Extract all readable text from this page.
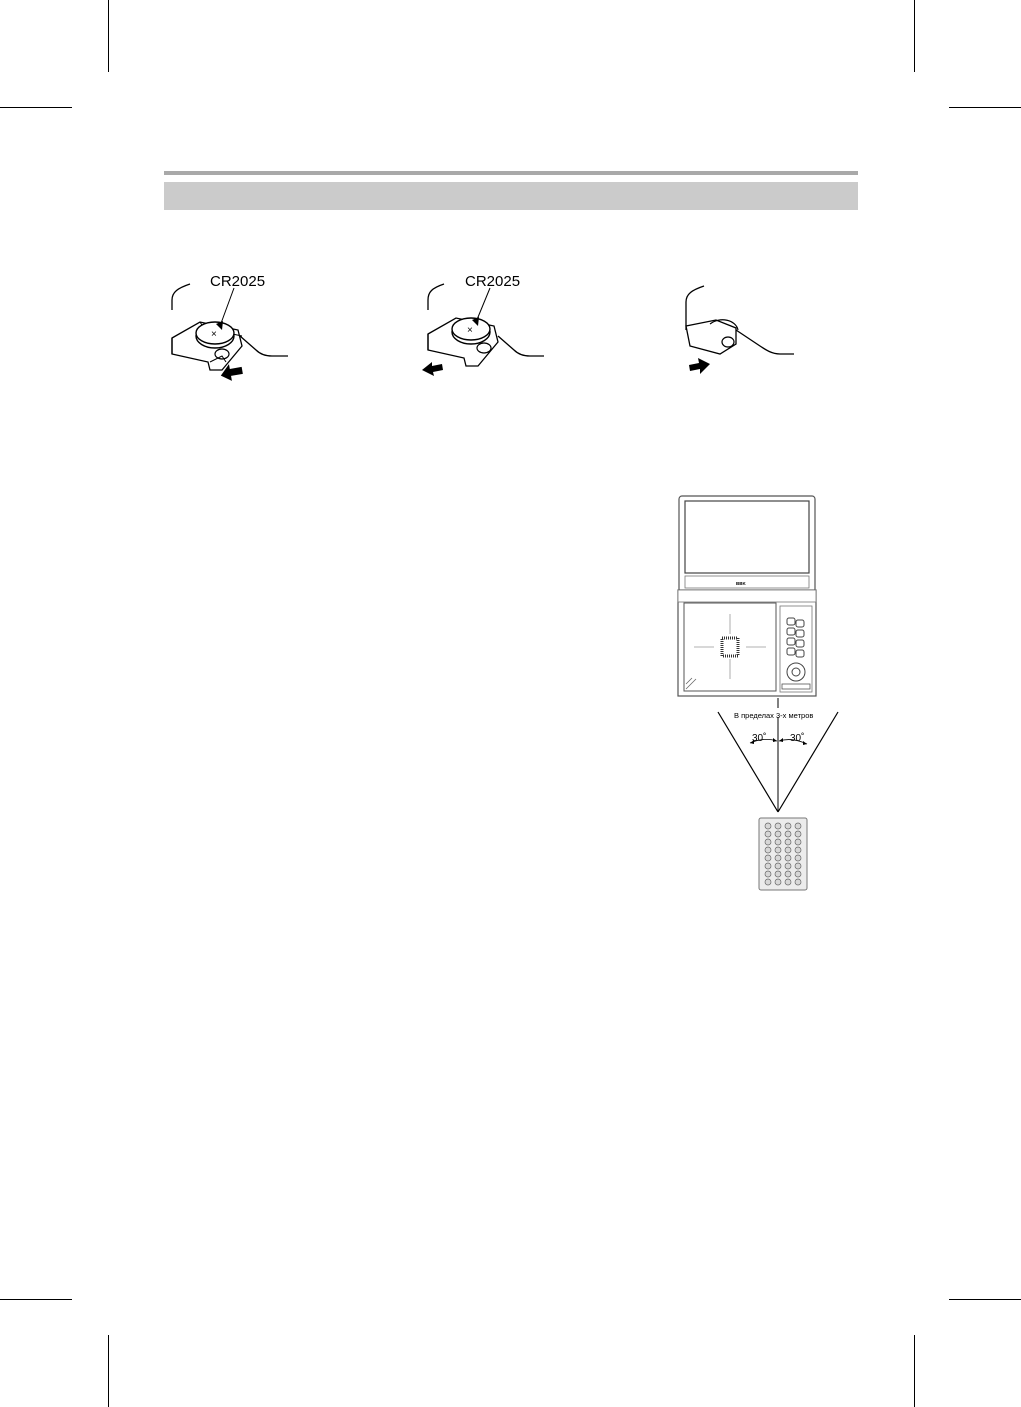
×
CR2025
×
CR2025
BBK
В пределах 3-х метров
30˚ 30˚
